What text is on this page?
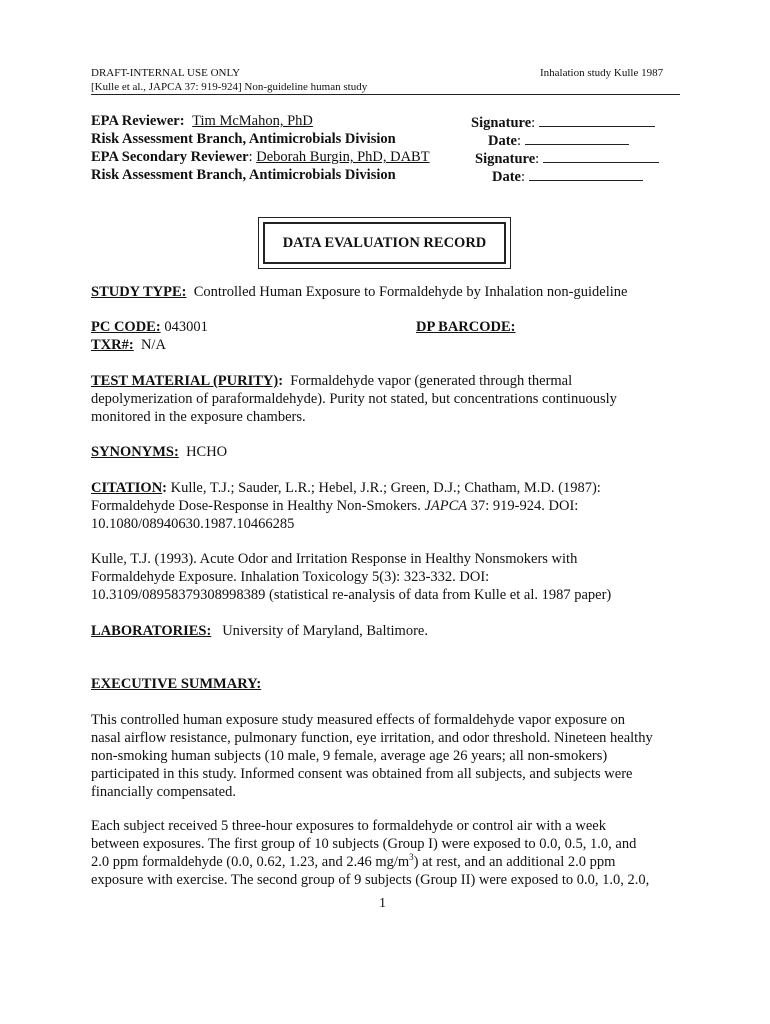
DRAFT-INTERNAL USE ONLY
[Kulle et al., JAPCA 37: 919-924] Non-guideline human study
Inhalation study Kulle 1987
EPA Reviewer: Tim McMahon, PhD
Risk Assessment Branch, Antimicrobials Division
EPA Secondary Reviewer: Deborah Burgin, PhD, DABT
Risk Assessment Branch, Antimicrobials Division
Signature:
Date:
Signature:
Date:
DATA EVALUATION RECORD
STUDY TYPE: Controlled Human Exposure to Formaldehyde by Inhalation non-guideline
PC CODE: 043001	DP BARCODE:
TXR#: N/A
TEST MATERIAL (PURITY): Formaldehyde vapor (generated through thermal
depolymerization of paraformaldehyde). Purity not stated, but concentrations continuously
monitored in the exposure chambers.
SYNONYMS: HCHO
CITATION: Kulle, T.J.; Sauder, L.R.; Hebel, J.R.; Green, D.J.; Chatham, M.D. (1987):
Formaldehyde Dose-Response in Healthy Non-Smokers. JAPCA 37: 919-924. DOI:
10.1080/08940630.1987.10466285
Kulle, T.J. (1993). Acute Odor and Irritation Response in Healthy Nonsmokers with
Formaldehyde Exposure. Inhalation Toxicology 5(3): 323-332. DOI:
10.3109/08958379308998389 (statistical re-analysis of data from Kulle et al. 1987 paper)
LABORATORIES: University of Maryland, Baltimore.
EXECUTIVE SUMMARY:
This controlled human exposure study measured effects of formaldehyde vapor exposure on
nasal airflow resistance, pulmonary function, eye irritation, and odor threshold. Nineteen healthy
non-smoking human subjects (10 male, 9 female, average age 26 years; all non-smokers)
participated in this study. Informed consent was obtained from all subjects, and subjects were
financially compensated.
Each subject received 5 three-hour exposures to formaldehyde or control air with a week
between exposures. The first group of 10 subjects (Group I) were exposed to 0.0, 0.5, 1.0, and
2.0 ppm formaldehyde (0.0, 0.62, 1.23, and 2.46 $mg/m^3$) at rest, and an additional 2.0 ppm
exposure with exercise. The second group of 9 subjects (Group II) were exposed to 0.0, 1.0, 2.0,
1
